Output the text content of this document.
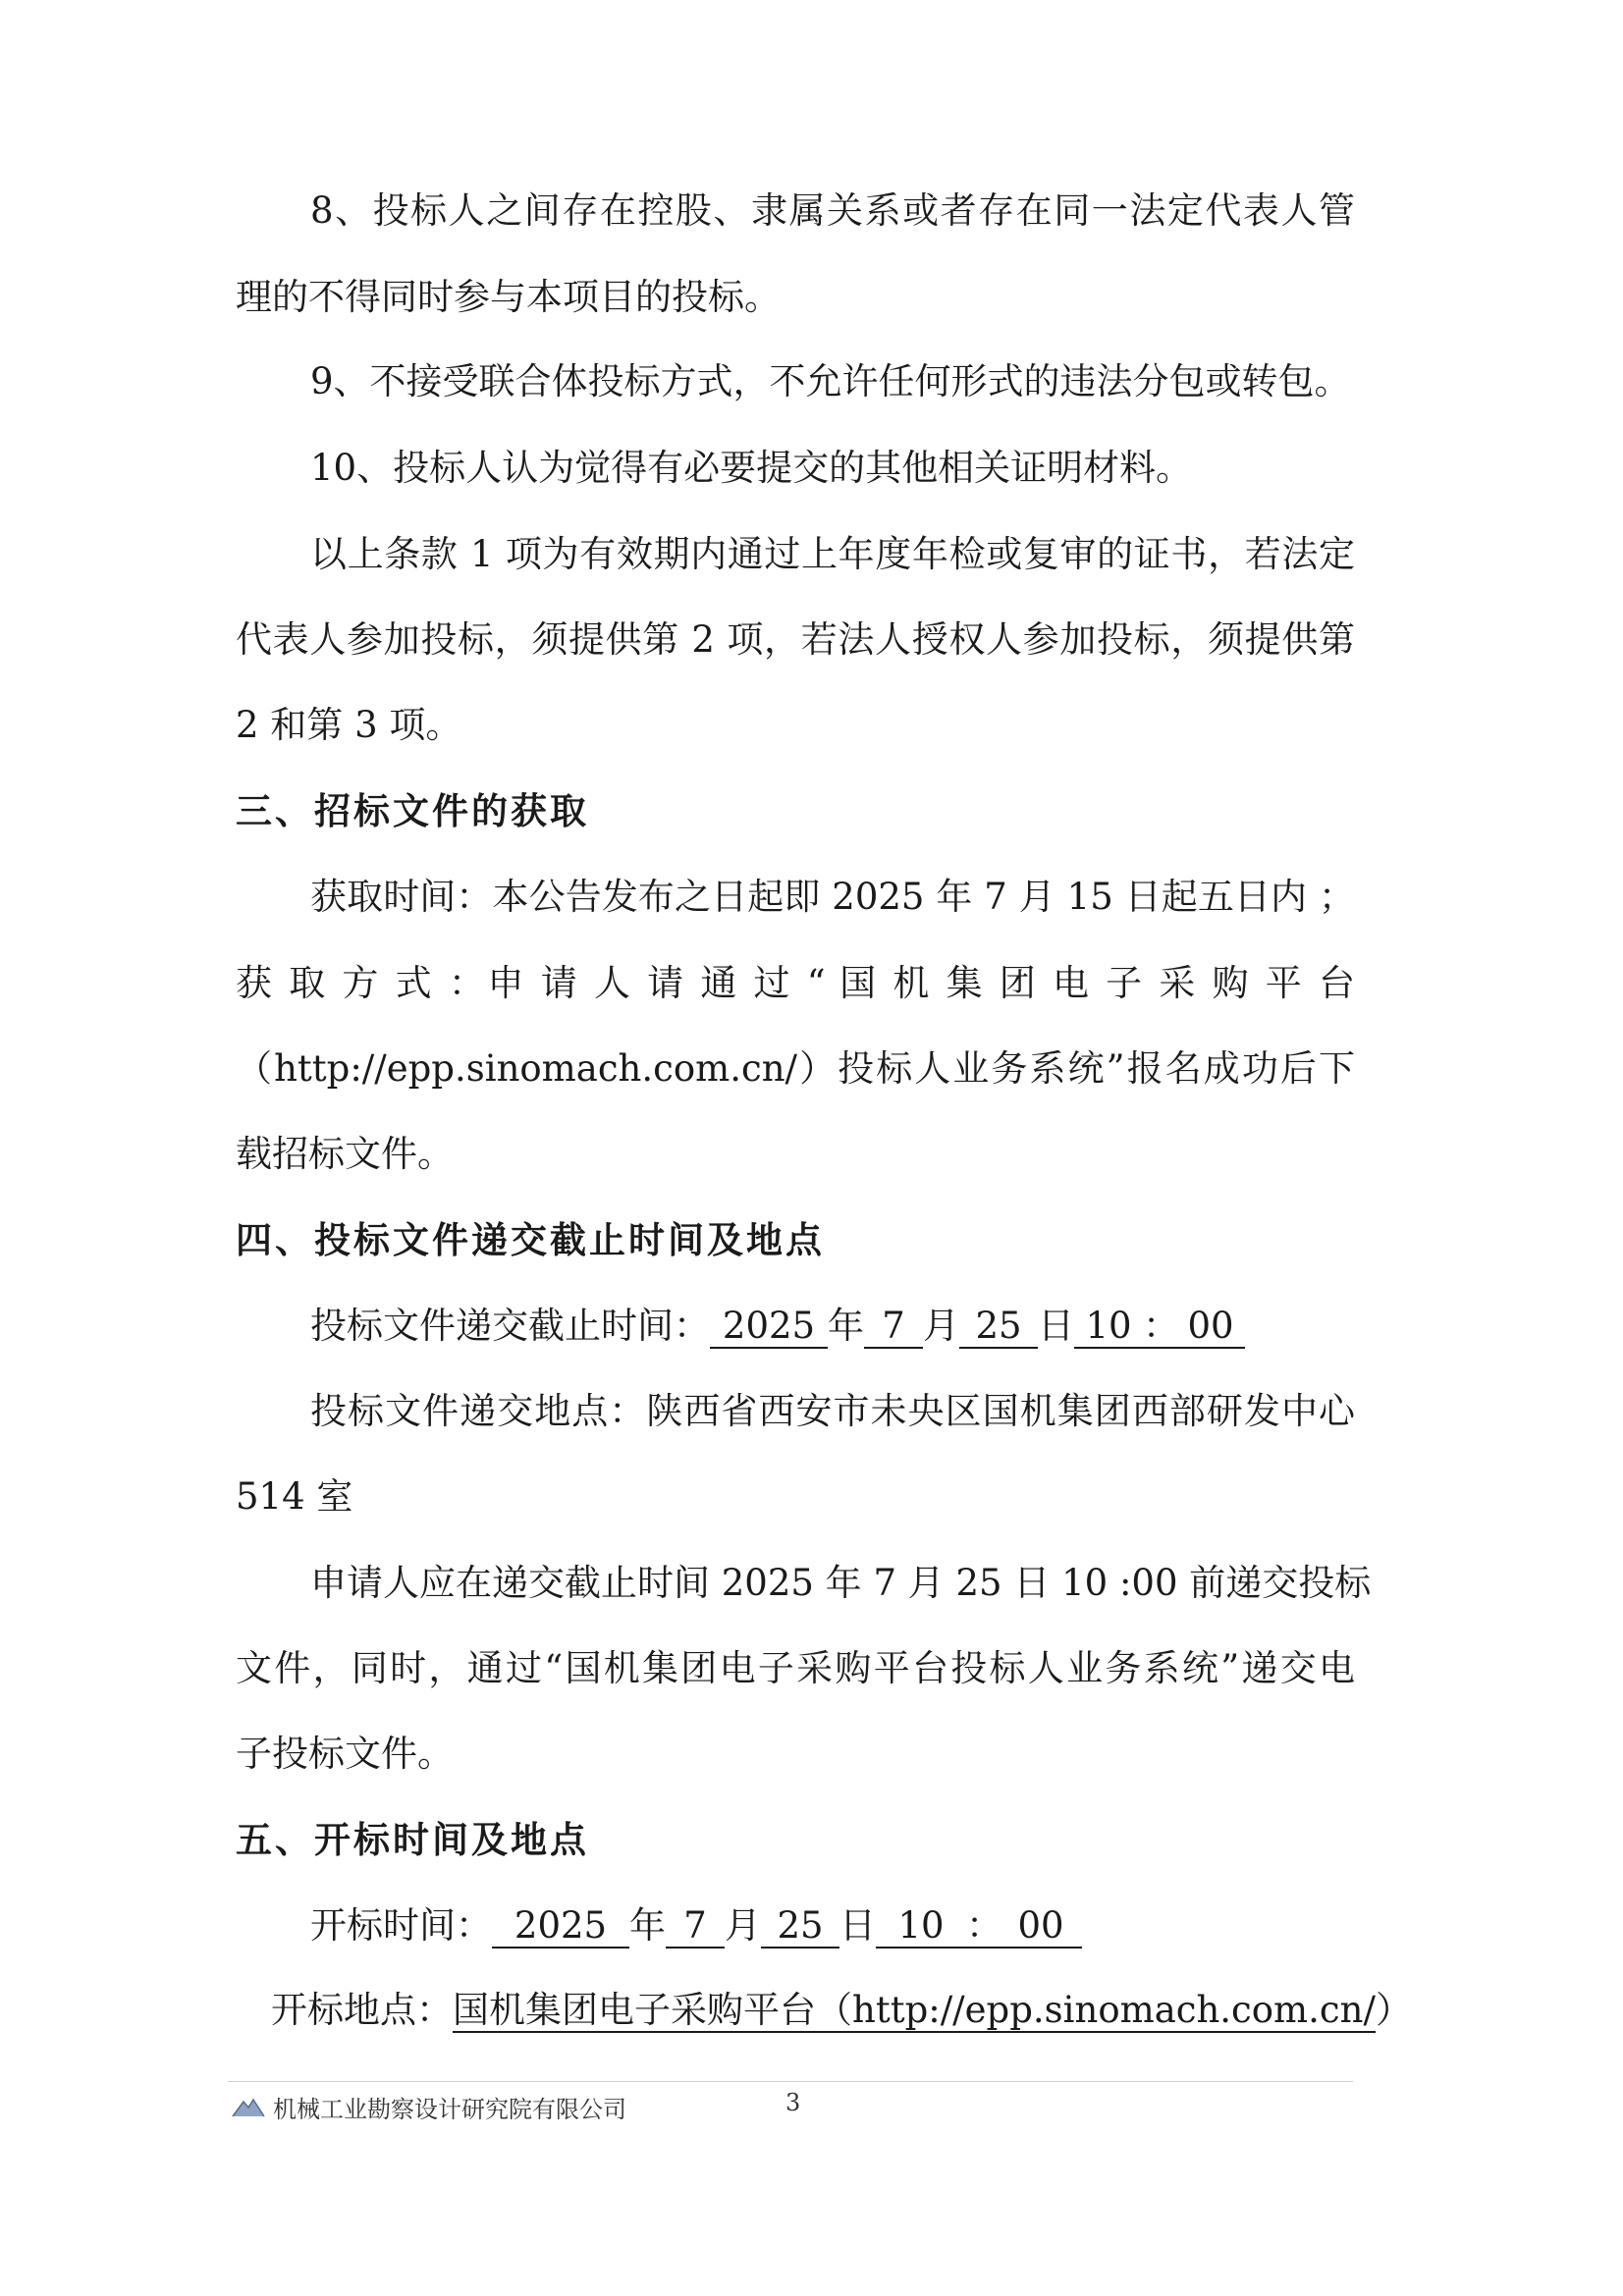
8、投标人之间存在控股、隶属关系或者存在同一法定代表人管
理的不得同时参与本项目的投标。
9、不接受联合体投标方式，不允许任何形式的违法分包或转包。
10、投标人认为觉得有必要提交的其他相关证明材料。
以上条款 1 项为有效期内通过上年度年检或复审的证书，若法定
代表人参加投标，须提供第 2 项，若法人授权人参加投标，须提供第
2 和第 3 项。
三、招标文件的获取
获取时间：本公告发布之日起即 2025 年 7 月 15 日起五日内 ；
获 取 方 式 ：申 请 人 请 通 过 “ 国 机 集 团 电 子 采 购 平 台
（http://epp.sinomach.com.cn/）投标人业务系统”报名成功后下
载招标文件。
四、投标文件递交截止时间及地点
投标文件递交截止时间： 2025 年 7 月 25 日 10 ： 00
投标文件递交地点：陕西省西安市未央区国机集团西部研发中心
514 室
申请人应在递交截止时间 2025 年 7 月 25 日 10 :00 前递交投标
文件，同时，通过“国机集团电子采购平台投标人业务系统”递交电
子投标文件。
五、开标时间及地点
开标时间： 2025 年 7 月 25 日 10 ： 00
开标地点：国机集团电子采购平台（http://epp.sinomach.com.cn/）
机械工业勘察设计研究院有限公司	3
